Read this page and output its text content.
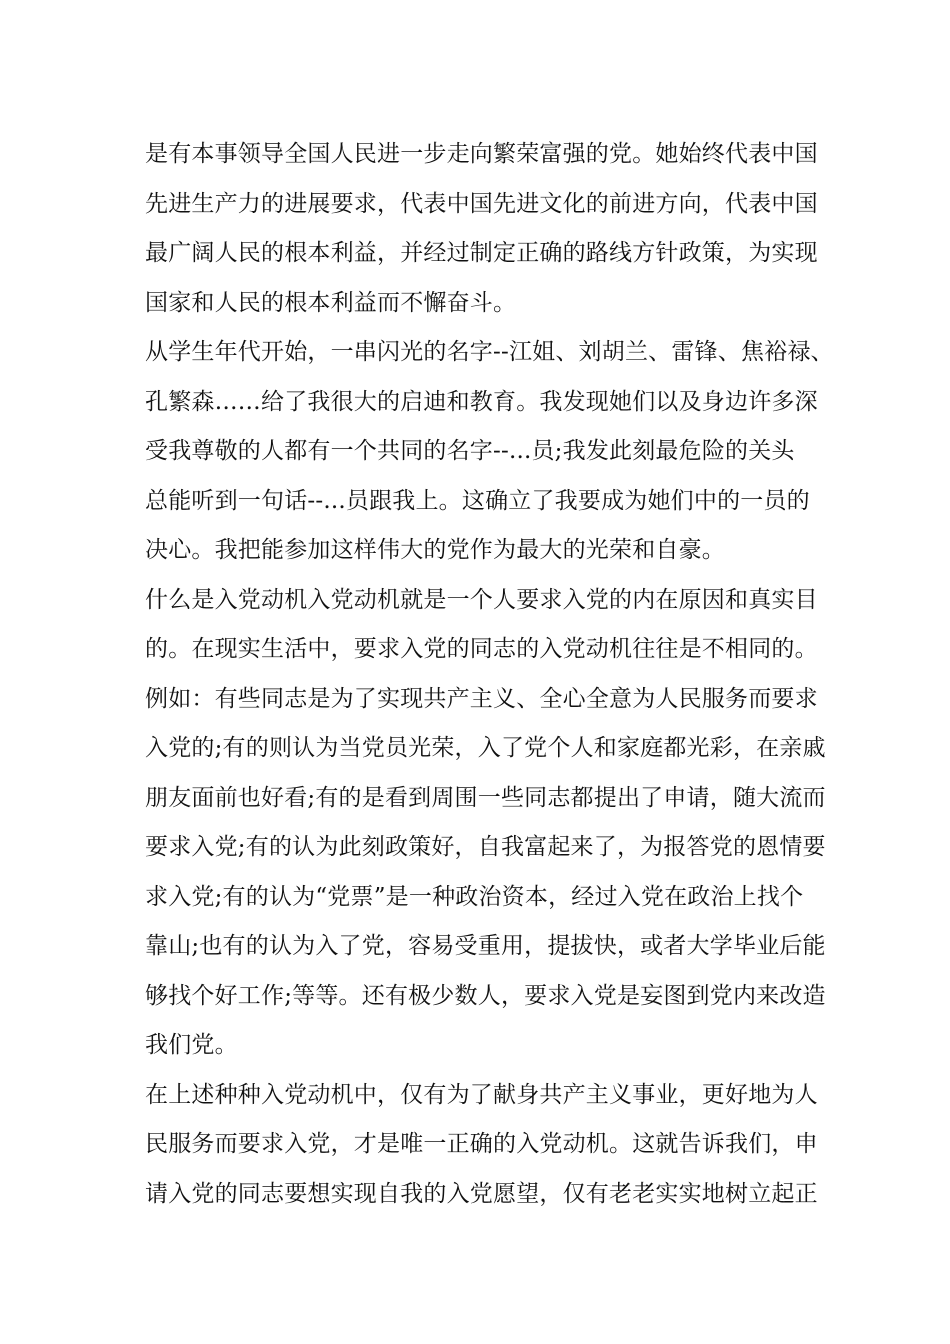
是有本事领导全国人民进一步走向繁荣富强的党。她始终代表中国
先进生产力的进展要求，代表中国先进文化的前进方向，代表中国
最广阔人民的根本利益，并经过制定正确的路线方针政策，为实现
国家和人民的根本利益而不懈奋斗。
从学生年代开始，一串闪光的名字--江姐、刘胡兰、雷锋、焦裕禄、
孔繁森……给了我很大的启迪和教育。我发现她们以及身边许多深
受我尊敬的人都有一个共同的名字--...员;我发此刻最危险的关头
总能听到一句话--...员跟我上。这确立了我要成为她们中的一员的
决心。我把能参加这样伟大的党作为最大的光荣和自豪。
什么是入党动机入党动机就是一个人要求入党的内在原因和真实目
的。在现实生活中，要求入党的同志的入党动机往往是不相同的。
例如：有些同志是为了实现共产主义、全心全意为人民服务而要求
入党的;有的则认为当党员光荣，入了党个人和家庭都光彩，在亲戚
朋友面前也好看;有的是看到周围一些同志都提出了申请，随大流而
要求入党;有的认为此刻政策好，自我富起来了，为报答党的恩情要
求入党;有的认为“党票”是一种政治资本，经过入党在政治上找个
靠山;也有的认为入了党，容易受重用，提拔快，或者大学毕业后能
够找个好工作;等等。还有极少数人，要求入党是妄图到党内来改造
我们党。
在上述种种入党动机中，仅有为了献身共产主义事业，更好地为人
民服务而要求入党，才是唯一正确的入党动机。这就告诉我们，申
请入党的同志要想实现自我的入党愿望，仅有老老实实地树立起正
